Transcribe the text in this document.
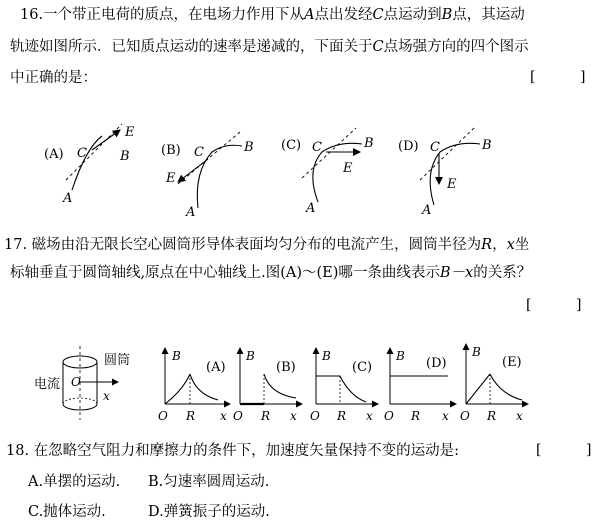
16.一个带正电荷的质点，在电场力作用下从A点出发经C点运动到B点，其运动
轨迹如图所示．已知质点运动的速率是递减的，下面关于C点场强方向的四个图示
中正确的是：	[          ]
(A) C	B
A
E
(B) C	B
A
E
(C) C	B
A
E
(D) C	B
A
E
17. 磁场由沿无限长空心圆筒形导体表面均匀分布的电流产生，圆筒半径为R，x坐
标轴垂直于圆筒轴线,原点在中心轴线上.图(A)～(E)哪一条曲线表示B－x的关系？
[          ]
圆筒
电流 O
x
B
(A)
O R x
B
(B)
O R x
B
(C)
O R x
B (D)
O R x
B
(E)
O R x
18. 在忽略空气阻力和摩擦力的条件下，加速度矢量保持不变的运动是:	[          ]
A.单摆的运动. B.匀速率圆周运动.
C.抛体运动.	D.弹簧振子的运动.
